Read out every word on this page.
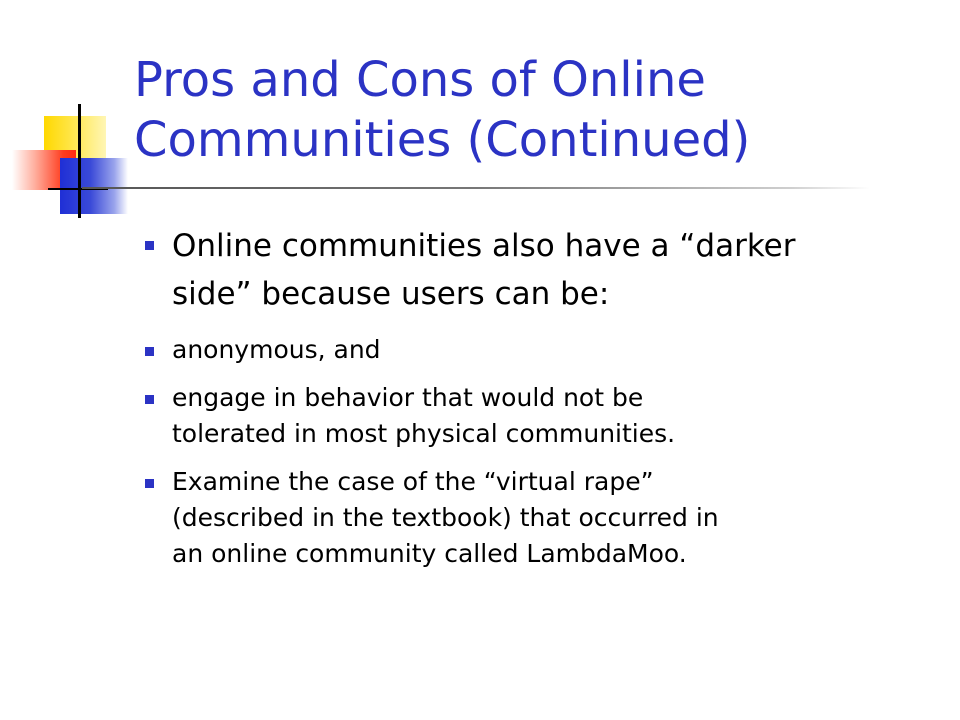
Pros and Cons of Online
Communities (Continued)
Online communities also have a “darker
side” because users can be:
anonymous, and
engage in behavior that would not be
tolerated in most physical communities.
Examine the case of the “virtual rape”
(described in the textbook) that occurred in
an online community called LambdaMoo.
